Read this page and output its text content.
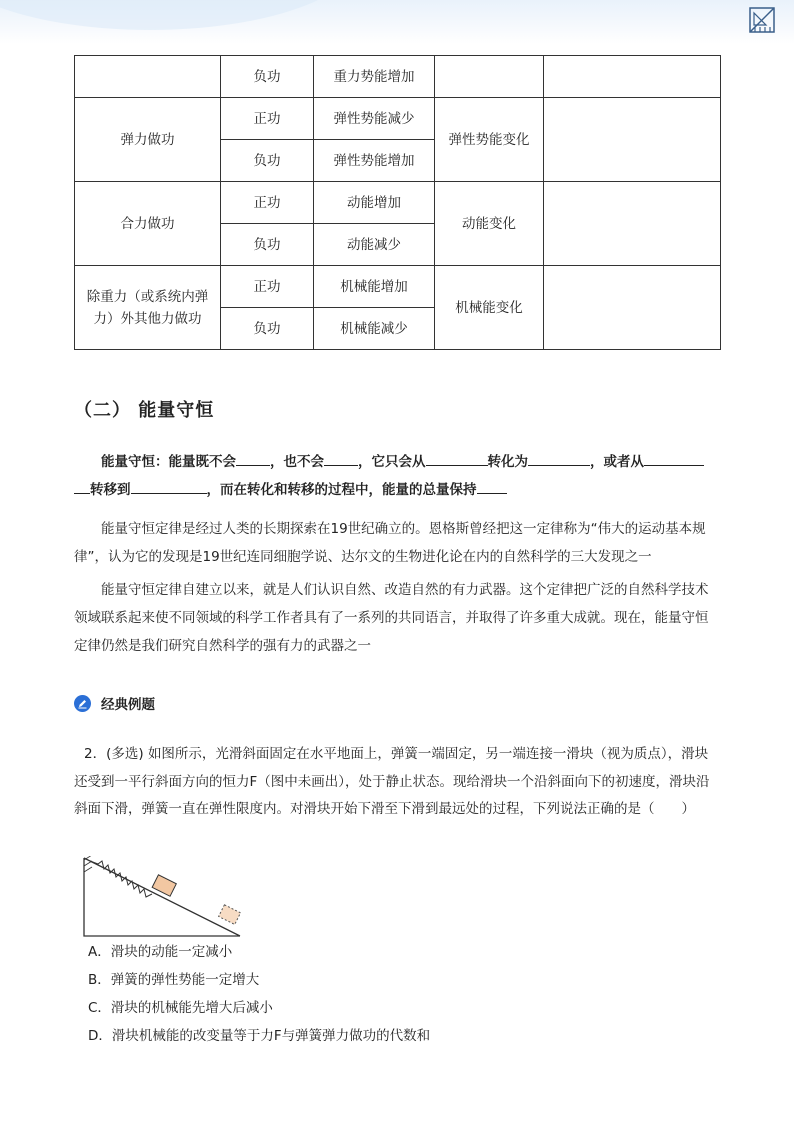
	负功	重力势能增加		
弹力做功	正功	弹性势能减少	弹性势能变化	
	负功	弹性势能增加		
合力做功	正功	动能增加	动能变化	
	负功	动能减少		
除重力（或系统内弹力）外其他力做功	正功	机械能增加	机械能变化	
	负功	机械能减少		
（二） 能量守恒

能量守恒：能量既不会	，也不会	，它只会从	转化为	，或者从转移到	，而在转化和转移的过程中，能量的总量保持

能量守恒定律是经过人类的长期探索在19世纪确立的。恩格斯曾经把这一定律称为“伟大的运动基本规律”，认为它的发现是19世纪连同细胞学说、达尔文的生物进化论在内的自然科学的三大发现之一

能量守恒定律自建立以来，就是人们认识自然、改造自然的有力武器。这个定律把广泛的自然科学技术领域联系起来使不同领域的科学工作者具有了一系列的共同语言，并取得了许多重大成就。现在，能量守恒定律仍然是我们研究自然科学的强有力的武器之一

经典例题

2．(多选) 如图所示，光滑斜面固定在水平地面上，弹簧一端固定，另一端连接一滑块（视为质点），滑块还受到一平行斜面方向的恒力F（图中未画出），处于静止状态。现给滑块一个沿斜面向下的初速度，滑块沿斜面下滑，弹簧一直在弹性限度内。对滑块开始下滑至下滑到最远处的过程，下列说法正确的是（　　）

A．滑块的动能一定减小

B．弹簧的弹性势能一定增大

C．滑块的机械能先增大后减小

D．滑块机械能的改变量等于力F与弹簧弹力做功的代数和
